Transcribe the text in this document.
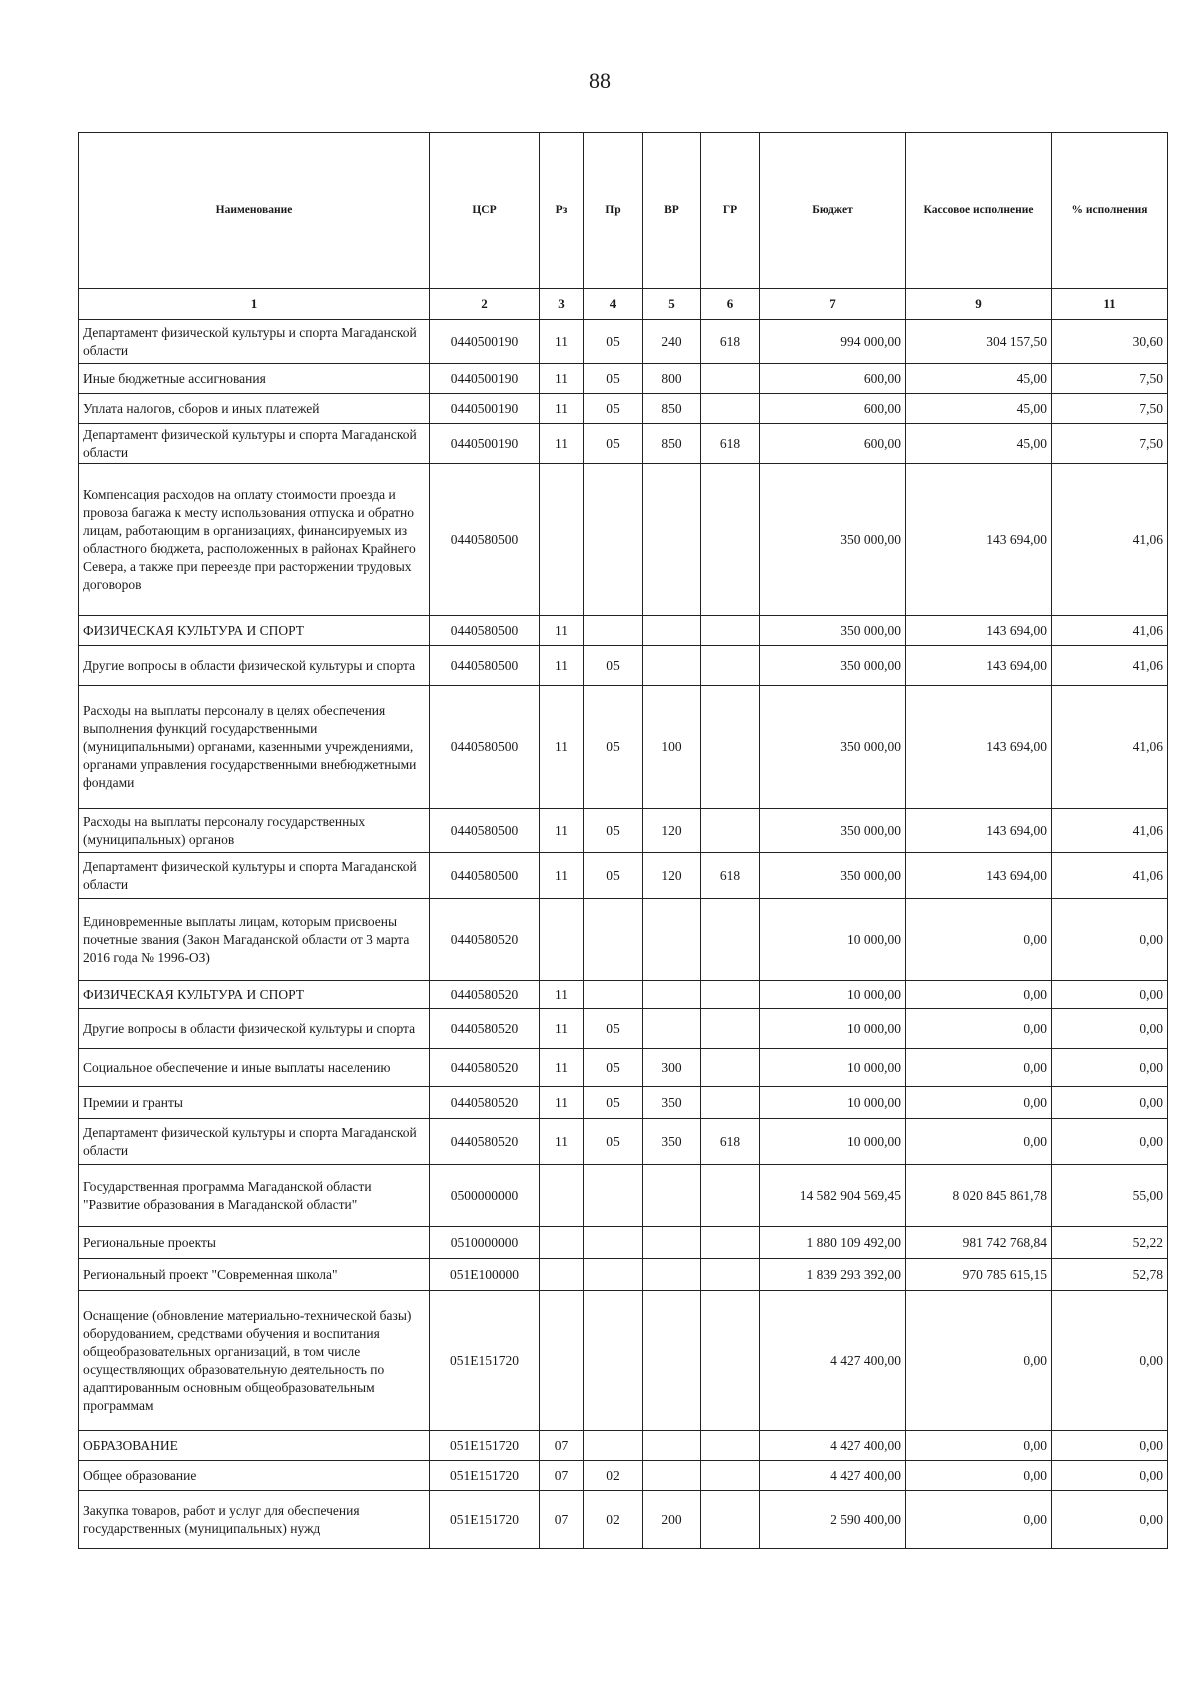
88
Наименование	ЦСР	Рз	Пр	ВР	ГР	Бюджет	Кассовое исполнение	% исполнения
1	2	3	4	5	6	7	9	11
Департамент физической культуры и спорта Магаданской области	0440500190	11	05	240	618	994 000,00	304 157,50	30,60
Иные бюджетные ассигнования	0440500190	11	05	800		600,00	45,00	7,50
Уплата налогов, сборов и иных платежей	0440500190	11	05	850		600,00	45,00	7,50
Департамент физической культуры и спорта Магаданской области	0440500190	11	05	850	618	600,00	45,00	7,50
Компенсация расходов на оплату стоимости проезда и провоза багажа к месту использования отпуска и обратно лицам, работающим в организациях, финансируемых из областного бюджета, расположенных в районах Крайнего Севера, а также при переезде при расторжении трудовых договоров	0440580500					350 000,00	143 694,00	41,06
ФИЗИЧЕСКАЯ КУЛЬТУРА И СПОРТ	0440580500	11				350 000,00	143 694,00	41,06
Другие вопросы в области физической культуры и спорта	0440580500	11	05			350 000,00	143 694,00	41,06
Расходы на выплаты персоналу в целях обеспечения выполнения функций государственными (муниципальными) органами, казенными учреждениями, органами управления государственными внебюджетными фондами	0440580500	11	05	100		350 000,00	143 694,00	41,06
Расходы на выплаты персоналу государственных (муниципальных) органов	0440580500	11	05	120		350 000,00	143 694,00	41,06
Департамент физической культуры и спорта Магаданской области	0440580500	11	05	120	618	350 000,00	143 694,00	41,06
Единовременные выплаты лицам, которым присвоены почетные звания (Закон Магаданской области от 3 марта 2016 года № 1996-ОЗ)	0440580520					10 000,00	0,00	0,00
ФИЗИЧЕСКАЯ КУЛЬТУРА И СПОРТ	0440580520	11				10 000,00	0,00	0,00
Другие вопросы в области физической культуры и спорта	0440580520	11	05			10 000,00	0,00	0,00
Социальное обеспечение и иные выплаты населению	0440580520	11	05	300		10 000,00	0,00	0,00
Премии и гранты	0440580520	11	05	350		10 000,00	0,00	0,00
Департамент физической культуры и спорта Магаданской области	0440580520	11	05	350	618	10 000,00	0,00	0,00
Государственная программа Магаданской области "Развитие образования в Магаданской области"	0500000000					14 582 904 569,45	8 020 845 861,78	55,00
Региональные проекты	0510000000					1 880 109 492,00	981 742 768,84	52,22
Региональный проект "Современная школа"	051E100000					1 839 293 392,00	970 785 615,15	52,78
Оснащение (обновление материально-технической базы) оборудованием, средствами обучения и воспитания общеобразовательных организаций, в том числе осуществляющих образовательную деятельность по адаптированным основным общеобразовательным программам	051E151720					4 427 400,00	0,00	0,00
ОБРАЗОВАНИЕ	051E151720	07				4 427 400,00	0,00	0,00
Общее образование	051E151720	07	02			4 427 400,00	0,00	0,00
Закупка товаров, работ и услуг для обеспечения государственных (муниципальных) нужд	051E151720	07	02	200		2 590 400,00	0,00	0,00
